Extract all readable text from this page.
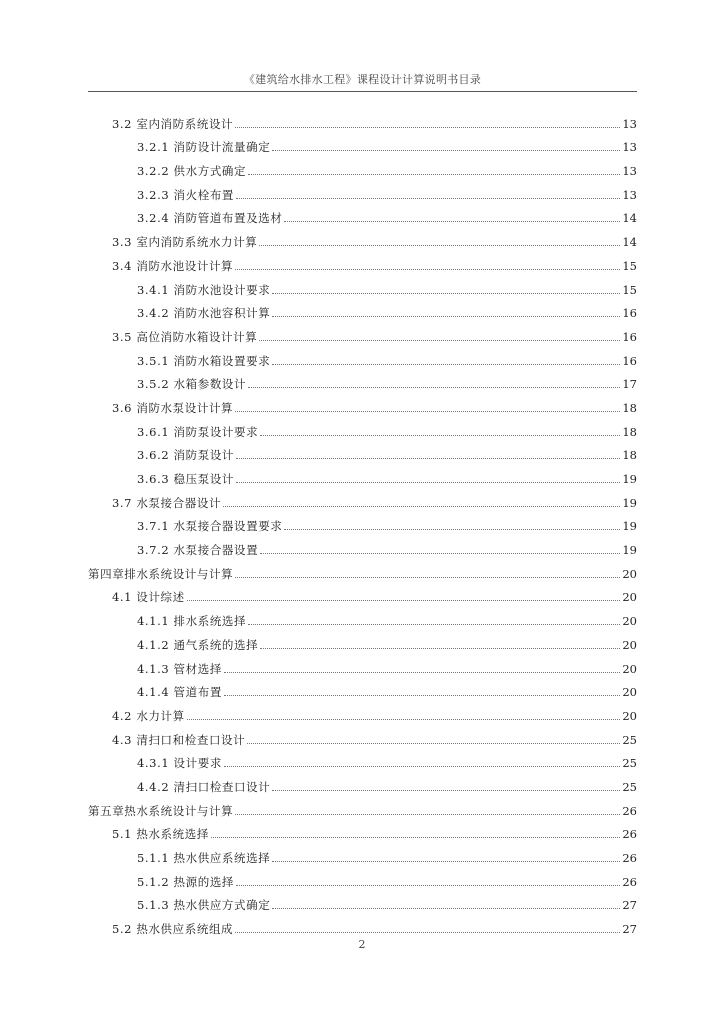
《建筑给水排水工程》课程设计计算说明书目录
3.2 室内消防系统设计	13
3.2.1 消防设计流量确定	13
3.2.2 供水方式确定	13
3.2.3 消火栓布置	13
3.2.4 消防管道布置及选材	14
3.3 室内消防系统水力计算	14
3.4 消防水池设计计算	15
3.4.1 消防水池设计要求	15
3.4.2 消防水池容积计算	16
3.5 高位消防水箱设计计算	16
3.5.1 消防水箱设置要求	16
3.5.2 水箱参数设计	17
3.6 消防水泵设计计算	18
3.6.1 消防泵设计要求	18
3.6.2 消防泵设计	18
3.6.3 稳压泵设计	19
3.7 水泵接合器设计	19
3.7.1 水泵接合器设置要求	19
3.7.2 水泵接合器设置	19
第四章排水系统设计与计算	20
4.1 设计综述	20
4.1.1 排水系统选择	20
4.1.2 通气系统的选择	20
4.1.3 管材选择	20
4.1.4 管道布置	20
4.2 水力计算	20
4.3 清扫口和检查口设计	25
4.3.1 设计要求	25
4.4.2 清扫口检查口设计	25
第五章热水系统设计与计算	26
5.1 热水系统选择	26
5.1.1 热水供应系统选择	26
5.1.2 热源的选择	26
5.1.3 热水供应方式确定	27
5.2 热水供应系统组成	27
2
